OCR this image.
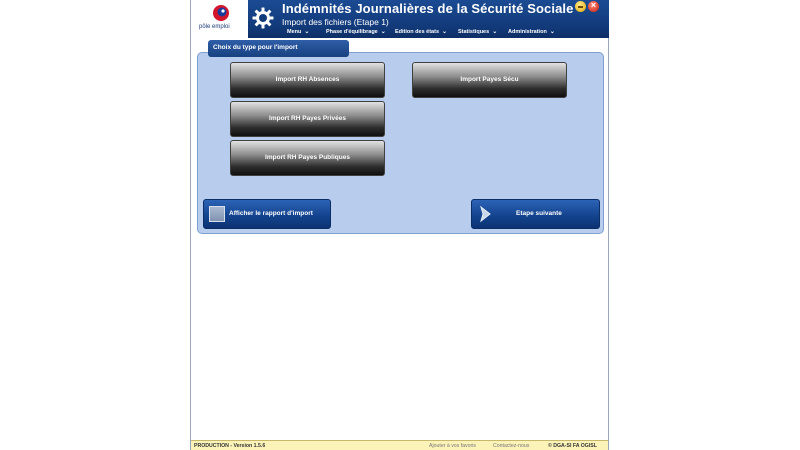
pôle emploi
Indémnités Journalières de la Sécurité Sociale
Import des fichiers (Etape 1)
Menu ⌄	Phase d'équilibrage ⌄ Edition des états ⌄ Statistiques ⌄ Administration ⌄
×
Choix du type pour l'import
Import RH Absences	Import Payes Sécu
Import RH Payes Privées
Import RH Payes Publiques
Afficher le rapport d'import	Etape suivante
PRODUCTION - Version 1.5.6	Ajouter à vos favoris	Contactez-nous	© DGA-SI FA OGISL
